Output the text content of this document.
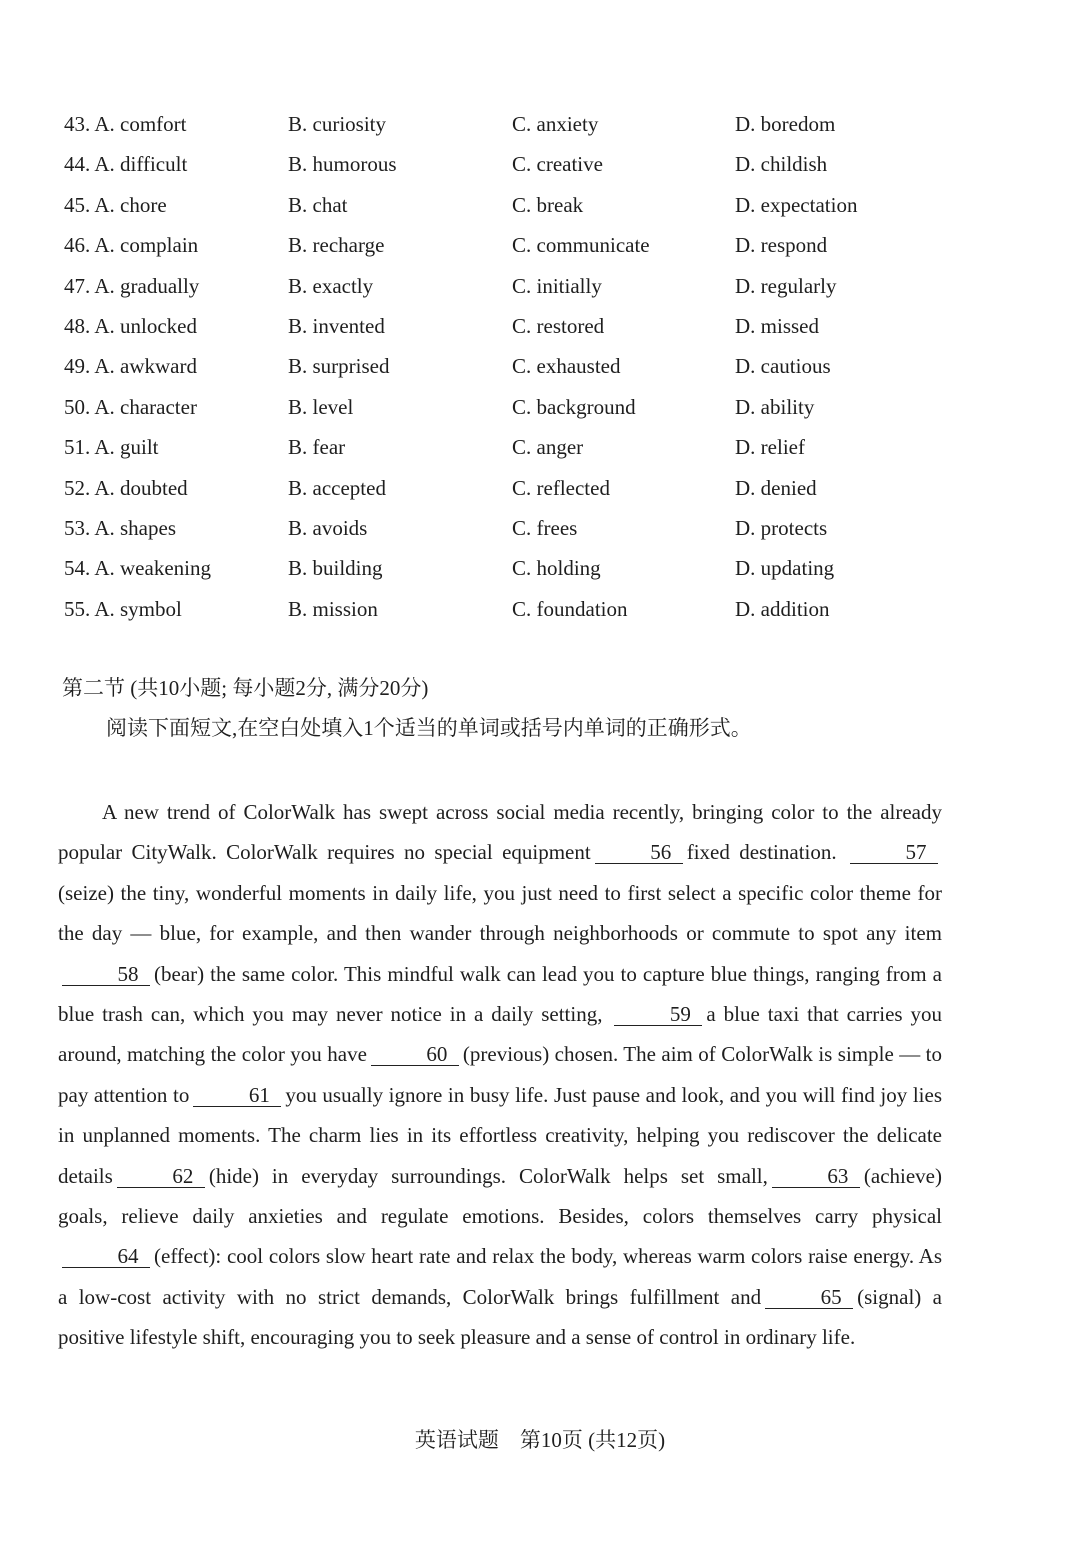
43. A. comfort	B. curiosity	C. anxiety	D. boredom
44. A. difficult	B. humorous	C. creative	D. childish
45. A. chore	B. chat	C. break	D. expectation
46. A. complain	B. recharge	C. communicate	D. respond
47. A. gradually	B. exactly	C. initially	D. regularly
48. A. unlocked	B. invented	C. restored	D. missed
49. A. awkward	B. surprised	C. exhausted	D. cautious
50. A. character	B. level	C. background	D. ability
51. A. guilt	B. fear	C. anger	D. relief
52. A. doubted	B. accepted	C. reflected	D. denied
53. A. shapes	B. avoids	C. frees	D. protects
54. A. weakening	B. building	C. holding	D. updating
55. A. symbol	B. mission	C. foundation	D. addition
第二节 (共10小题; 每小题2分, 满分20分)
阅读下面短文,在空白处填入1个适当的单词或括号内单词的正确形式。

A new trend of ColorWalk has swept across social media recently, bringing color to the already popular CityWalk. ColorWalk requires no special equipment	56 fixed destination.	57(seize) the tiny, wonderful moments in daily life, you just need to first select a specific color theme for the day — blue, for example, and then wander through neighborhoods or commute to spot any item58 (bear) the same color. This mindful walk can lead you to capture blue things, ranging from a blue trash can, which you may never notice in a daily setting,	59 a blue taxi that carries you around, matching the color you have	60 (previous) chosen. The aim of ColorWalk is simple — to pay attention to	61 you usually ignore in busy life. Just pause and look, and you will find joy lies in unplanned moments. The charm lies in its effortless creativity, helping you rediscover the delicate details	62 (hide) in everyday surroundings. ColorWalk helps set small,	63 (achieve) goals, relieve daily anxieties and regulate emotions. Besides, colors themselves carry physical64 (effect): cool colors slow heart rate and relax the body, whereas warm colors raise energy. As a low-cost activity with no strict demands, ColorWalk brings fulfillment and	65 (signal) a positive lifestyle shift, encouraging you to seek pleasure and a sense of control in ordinary life.

英语试题　第10页 (共12页)
